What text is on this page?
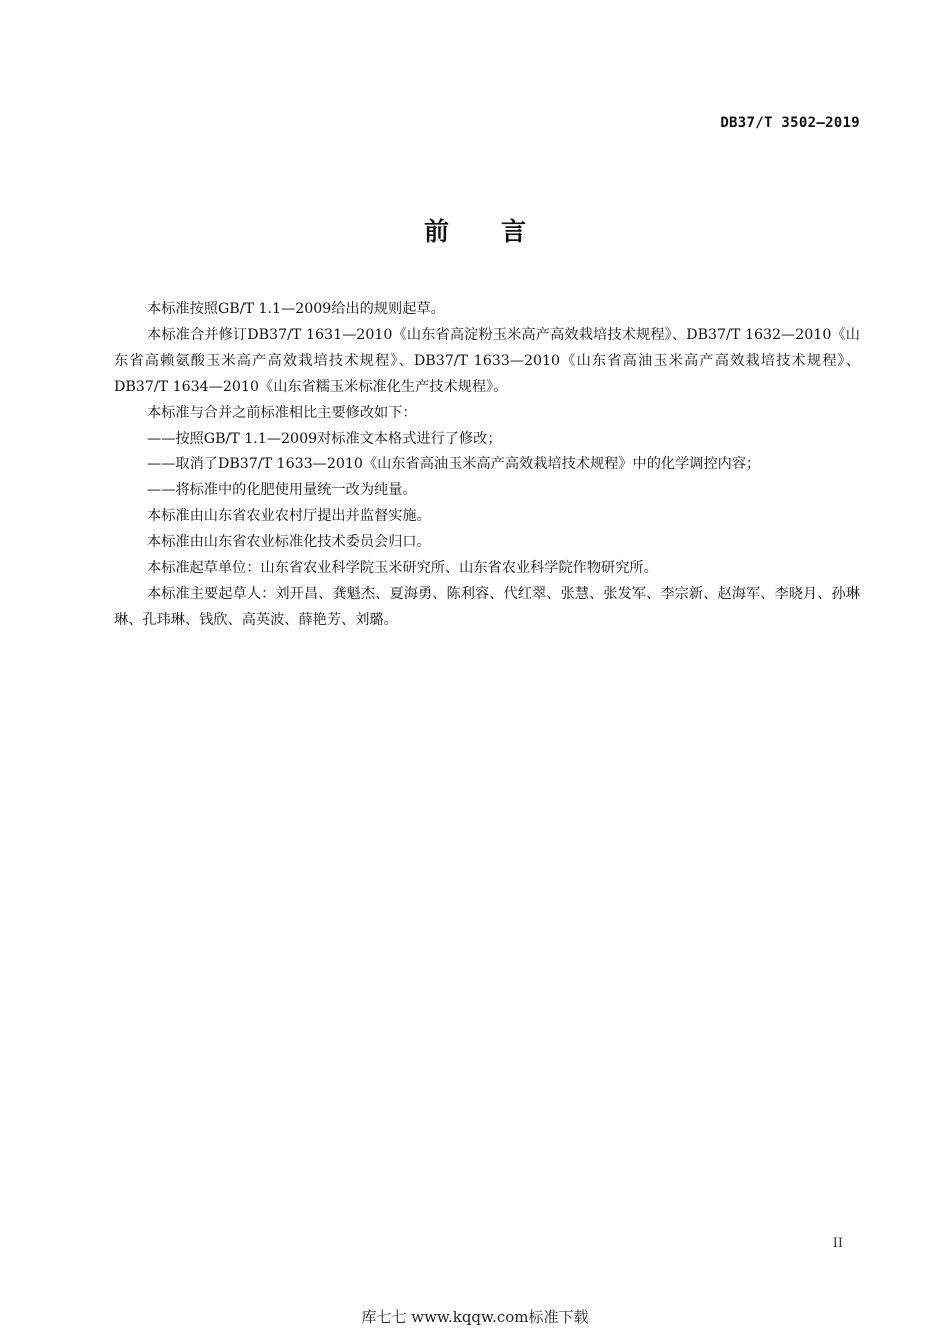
DB37/T 3502—2019
前 言

本标准按照GB/T 1.1—2009给出的规则起草。

本标准合并修订DB37/T 1631—2010《山东省高淀粉玉米高产高效栽培技术规程》、DB37/T 1632—2010《山东省高赖氨酸玉米高产高效栽培技术规程》、DB37/T 1633—2010《山东省高油玉米高产高效栽培技术规程》、DB37/T 1634—2010《山东省糯玉米标准化生产技术规程》。

本标准与合并之前标准相比主要修改如下：

——按照GB/T 1.1—2009对标准文本格式进行了修改；

——取消了DB37/T 1633—2010《山东省高油玉米高产高效栽培技术规程》中的化学调控内容；

——将标准中的化肥使用量统一改为纯量。

本标准由山东省农业农村厅提出并监督实施。

本标准由山东省农业标准化技术委员会归口。

本标准起草单位：山东省农业科学院玉米研究所、山东省农业科学院作物研究所。

本标准主要起草人：刘开昌、龚魁杰、夏海勇、陈利容、代红翠、张慧、张发军、李宗新、赵海军、李晓月、孙琳琳、孔玮琳、钱欣、高英波、薛艳芳、刘璐。

II
库七七 www.kqqw.com标准下载
